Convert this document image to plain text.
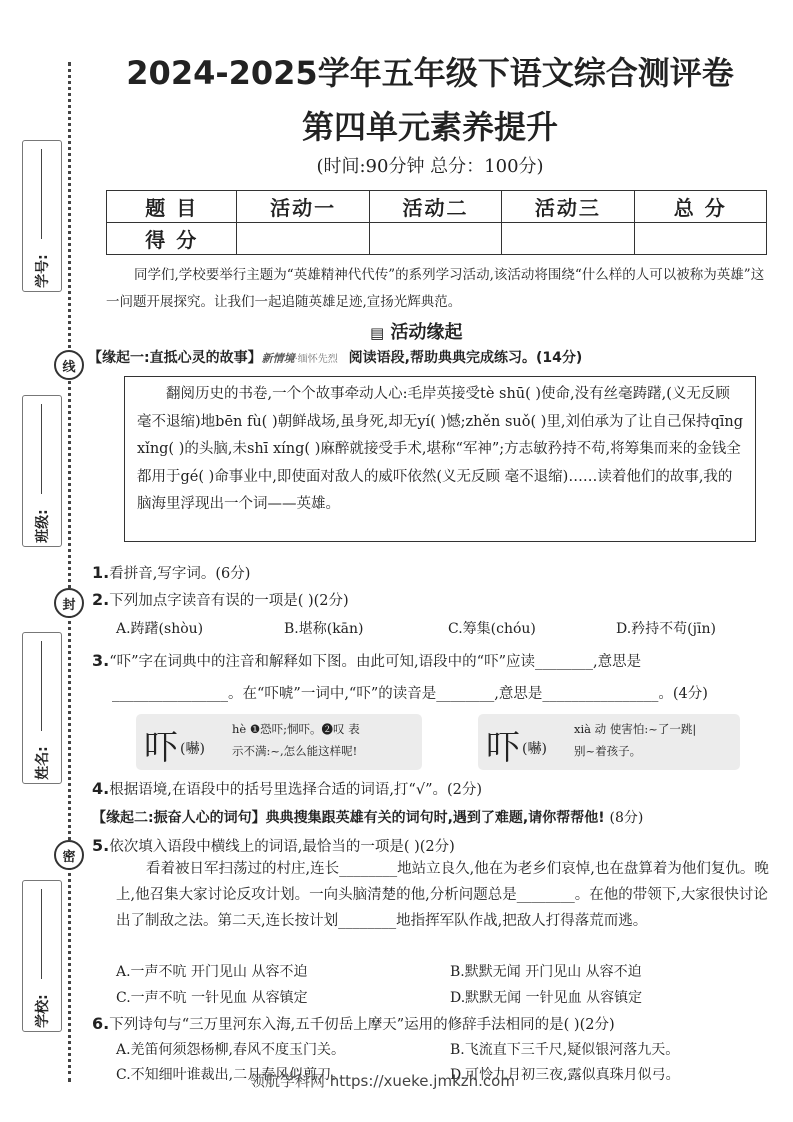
学号:
线
班级:
封
姓名:
密
学校:
2024-2025学年五年级下语文综合测评卷
第四单元素养提升
(时间:90分钟 总分：100分)
题 目	活动一	活动二	活动三	总 分
得 分				
同学们,学校要举行主题为“英雄精神代代传”的系列学习活动,该活动将围绕“什么样的人可以被称为英雄”这一问题开展探究。让我们一起追随英雄足迹,宣扬光辉典范。
▤ 活动缘起
【缘起一:直抵心灵的故事】新情境·缅怀先烈 阅读语段,帮助典典完成练习。(14分)
翻阅历史的书卷,一个个故事牵动人心:毛岸英接受tè shū( )使命,没有丝毫踌躇,(义无反顾 毫不退缩)地bēn fù( )朝鲜战场,虽身死,却无yí( )憾;zhěn suǒ( )里,刘伯承为了让自己保持qīng xǐng( )的头脑,未shī xíng( )麻醉就接受手术,堪称“军神”;方志敏矜持不苟,将筹集而来的金钱全都用于gé( )命事业中,即使面对敌人的威吓依然(义无反顾 毫不退缩)……读着他们的故事,我的脑海里浮现出一个词——英雄。
1.看拼音,写字词。(6分)
2.下列加点字读音有误的一项是( )(2分)
A.踌躇(shòu)	B.堪称(kān)	C.筹集(chóu)	D.矜持不苟(jīn)
3.“吓”字在词典中的注音和解释如下图。由此可知,语段中的“吓”应读________,意思是
________________。在“吓唬”一词中,“吓”的读音是________,意思是________________。(4分)
吓 (嚇)
hè ❶恐吓;恫吓。❷叹 表
示不满:~,怎么能这样呢!	吓 (嚇)
xià 动 使害怕:~了一跳|
别~着孩子。
4.根据语境,在语段中的括号里选择合适的词语,打“√”。(2分)
【缘起二:振奋人心的词句】典典搜集跟英雄有关的词句时,遇到了难题,请你帮帮他! (8分)
5.依次填入语段中横线上的词语,最恰当的一项是( )(2分)
看着被日军扫荡过的村庄,连长________地站立良久,他在为老乡们哀悼,也在盘算着为他们复仇。晚上,他召集大家讨论反攻计划。一向头脑清楚的他,分析问题总是________。在他的带领下,大家很快讨论出了制敌之法。第二天,连长按计划________地指挥军队作战,把敌人打得落荒而逃。
A.一声不吭 开门见山 从容不迫	B.默默无闻 开门见山 从容不迫
C.一声不吭 一针见血 从容镇定	D.默默无闻 一针见血 从容镇定
6.下列诗句与“三万里河东入海,五千仞岳上摩天”运用的修辞手法相同的是( )(2分)
A.羌笛何须怨杨柳,春风不度玉门关。	B.飞流直下三千尺,疑似银河落九天。
C.不知细叶谁裁出,二月春风似剪刀。	D.可怜九月初三夜,露似真珠月似弓。
领航学科网 https://xueke.jmkzh.com
